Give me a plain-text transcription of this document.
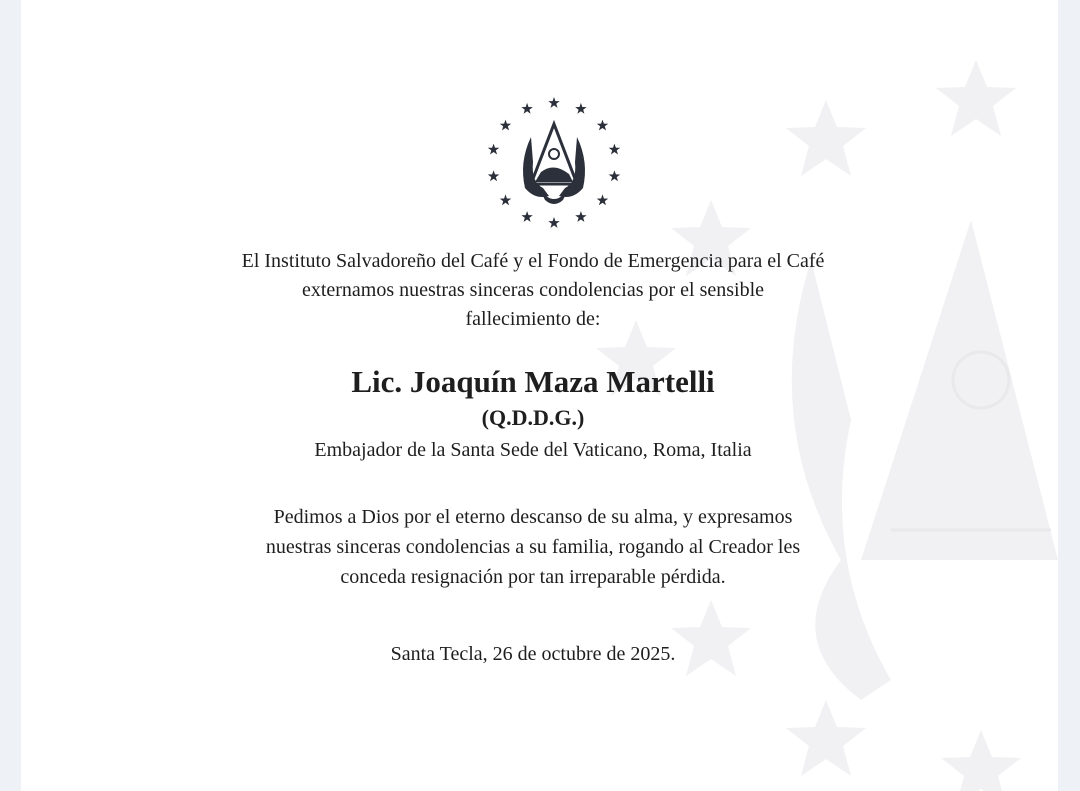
El Instituto Salvadoreño del Café y el Fondo de Emergencia para el Café
externamos nuestras sinceras condolencias por el sensible
fallecimiento de:
Lic. Joaquín Maza Martelli
(Q.D.D.G.)
Embajador de la Santa Sede del Vaticano, Roma, Italia
Pedimos a Dios por el eterno descanso de su alma, y expresamos
nuestras sinceras condolencias a su familia, rogando al Creador les
conceda resignación por tan irreparable pérdida.
Santa Tecla, 26 de octubre de 2025.
